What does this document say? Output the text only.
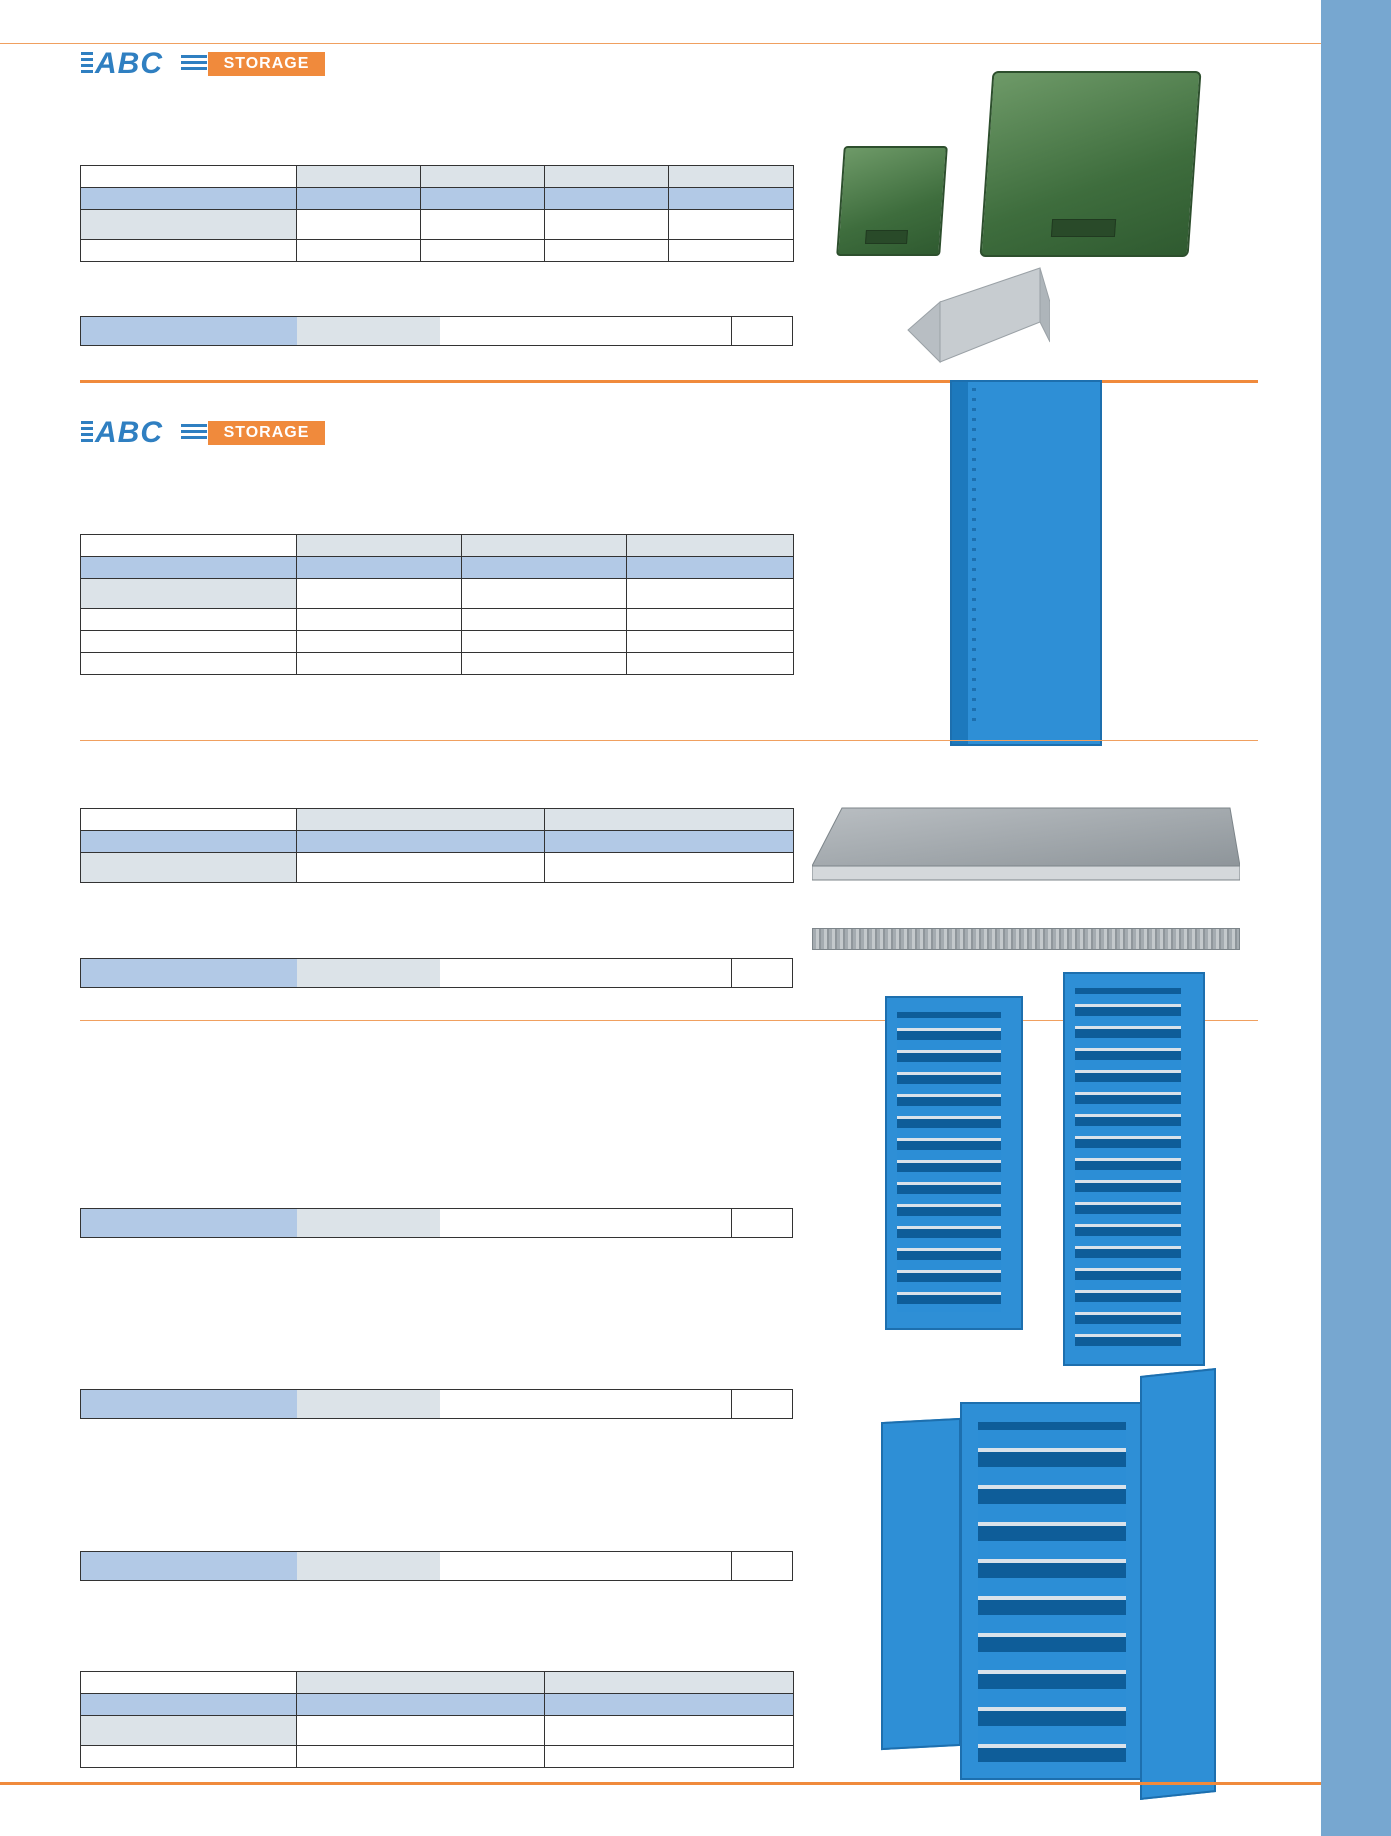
ABC	STORAGE

ABC	STORAGE
